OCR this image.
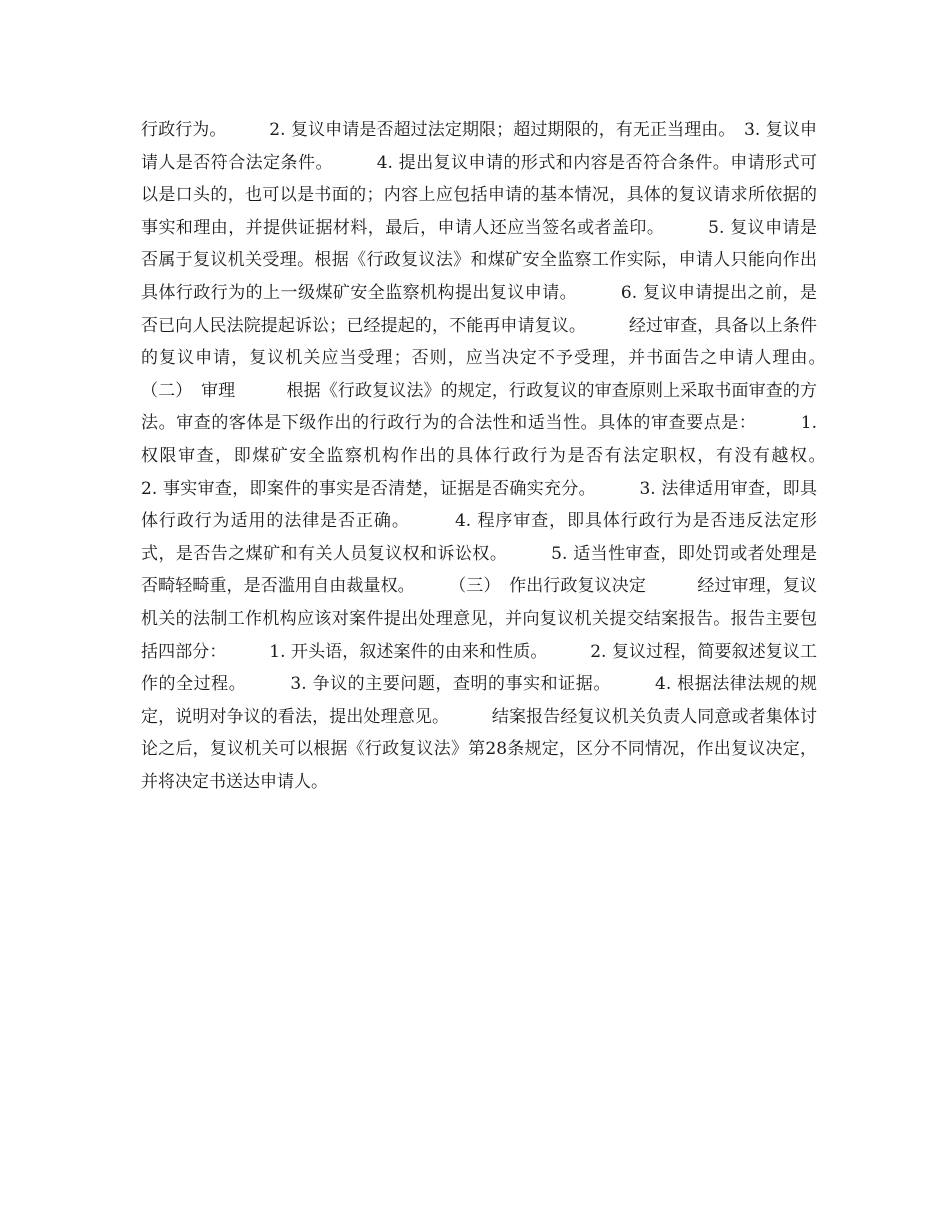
行政行为。　　　2. 复议申请是否超过法定期限；超过期限的，有无正当理由。　3. 复议申请人是否符合法定条件。　　　4. 提出复议申请的形式和内容是否符合条件。申请形式可以是口头的，也可以是书面的；内容上应包括申请的基本情况，具体的复议请求所依据的事实和理由，并提供证据材料，最后，申请人还应当签名或者盖印。　　　5. 复议申请是否属于复议机关受理。根据《行政复议法》和煤矿安全监察工作实际，申请人只能向作出具体行政行为的上一级煤矿安全监察机构提出复议申请。　　　6. 复议申请提出之前，是否已向人民法院提起诉讼；已经提起的，不能再申请复议。　　　经过审查，具备以上条件的复议申请，复议机关应当受理；否则，应当决定不予受理，并书面告之申请人理由。　　　（二）　审理　　　根据《行政复议法》的规定，行政复议的审查原则上采取书面审查的方法。审查的客体是下级作出的行政行为的合法性和适当性。具体的审查要点是：　　　1. 权限审查，即煤矿安全监察机构作出的具体行政行为是否有法定职权，有没有越权。　　　2. 事实审查，即案件的事实是否清楚，证据是否确实充分。　　　3. 法律适用审查，即具体行政行为适用的法律是否正确。　　　4. 程序审查，即具体行政行为是否违反法定形式，是否告之煤矿和有关人员复议权和诉讼权。　　　5. 适当性审查，即处罚或者处理是否畸轻畸重，是否滥用自由裁量权。　　　（三）　作出行政复议决定　　　经过审理，复议机关的法制工作机构应该对案件提出处理意见，并向复议机关提交结案报告。报告主要包括四部分：　　　1. 开头语，叙述案件的由来和性质。　　　2. 复议过程，简要叙述复议工作的全过程。　　　3. 争议的主要问题，查明的事实和证据。　　　4. 根据法律法规的规定，说明对争议的看法，提出处理意见。　　　结案报告经复议机关负责人同意或者集体讨论之后，复议机关可以根据《行政复议法》第28条规定，区分不同情况，作出复议决定，并将决定书送达申请人。
